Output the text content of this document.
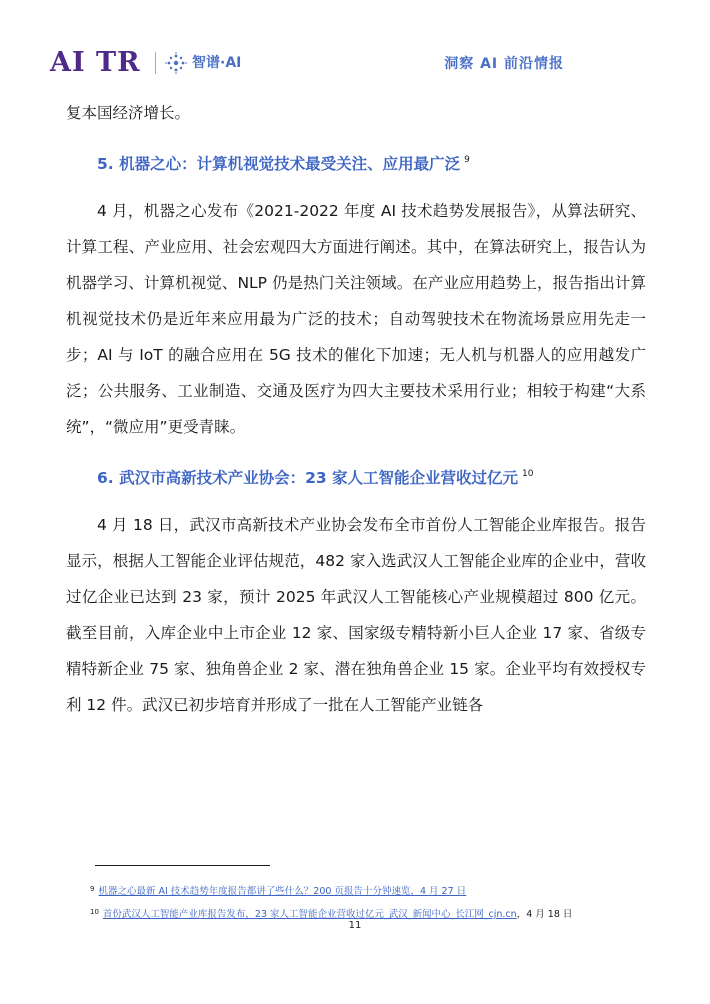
AI TR	智谱·AI	洞察 AI 前沿情报

复本国经济增长。

5. 机器之心：计算机视觉技术最受关注、应用最广泛 $^9$

4 月，机器之心发布《2021-2022 年度 AI 技术趋势发展报告》，从算法研究、计算工程、产业应用、社会宏观四大方面进行阐述。其中，在算法研究上，报告认为机器学习、计算机视觉、NLP 仍是热门关注领域。在产业应用趋势上，报告指出计算机视觉技术仍是近年来应用最为广泛的技术；自动驾驶技术在物流场景应用先走一步；AI 与 IoT 的融合应用在 5G 技术的催化下加速；无人机与机器人的应用越发广泛；公共服务、工业制造、交通及医疗为四大主要技术采用行业；相较于构建“大系统”，“微应用”更受青睐。

6. 武汉市高新技术产业协会：23 家人工智能企业营收过亿元 $^{10}$

4 月 18 日，武汉市高新技术产业协会发布全市首份人工智能企业库报告。报告显示，根据人工智能企业评估规范，482 家入选武汉人工智能企业库的企业中，营收过亿企业已达到 23 家，预计 2025 年武汉人工智能核心产业规模超过 800 亿元。截至目前，入库企业中上市企业 12 家、国家级专精特新小巨人企业 17 家、省级专精特新企业 75 家、独角兽企业 2 家、潜在独角兽企业 15 家。企业平均有效授权专利 12 件。武汉已初步培育并形成了一批在人工智能产业链各

$^9$ 机器之心最新 AI 技术趋势年度报告都讲了些什么？200 页报告十分钟速览，4 月 27 日
$^{10}$ 首份武汉人工智能产业库报告发布，23 家人工智能企业营收过亿元_武汉_新闻中心_长江网_cjn.cn，4 月 18 日
11
